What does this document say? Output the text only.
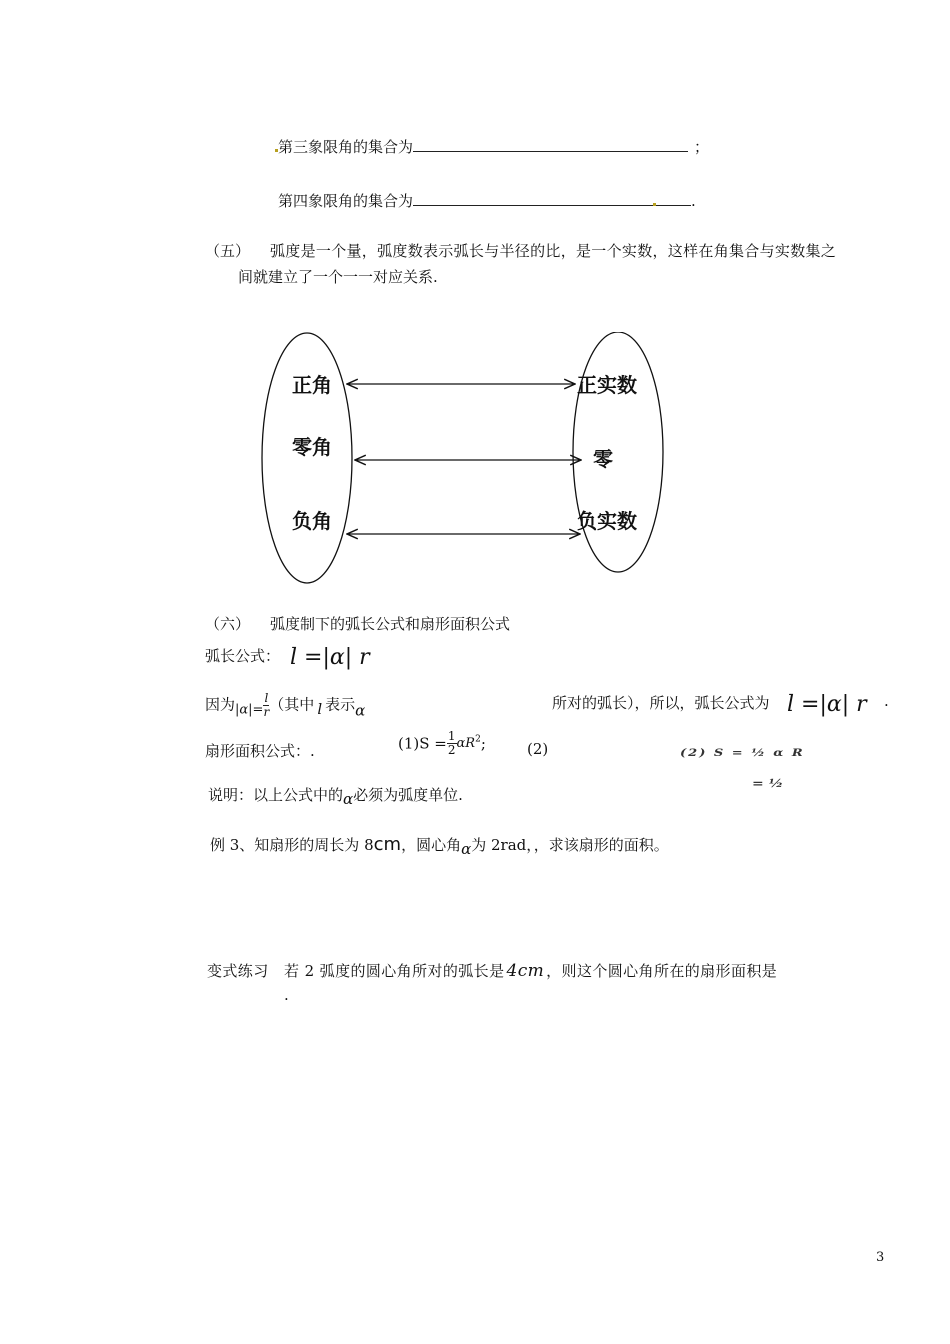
第三象限角的集合为	；
第四象限角的集合为	.
（五） 弧度是一个量，弧度数表示弧长与半径的比，是一个实数，这样在角集合与实数集之
间就建立了一个一一对应关系.
正角
零角
负角
正实数
零
负实数
（六） 弧度制下的弧长公式和扇形面积公式
弧长公式： l =|α| r
因为$|\alpha|= \frac{l}{r}$ （其中 l 表示α	所对的弧长），所以，弧长公式为 l =|α| r .
扇形面积公式：.	$(1)S = \frac{1}{2} \alpha R^2$;	(2)	(2) S = ½ α R
= ½
说明：以上公式中的α必须为弧度单位.
例 3、知扇形的周长为 8cm，圆心角α为 2rad，，求该扇形的面积。
变式练习　若 2 弧度的圆心角所对的弧长是 4cm ，则这个圆心角所在的扇形面积是
.
3
